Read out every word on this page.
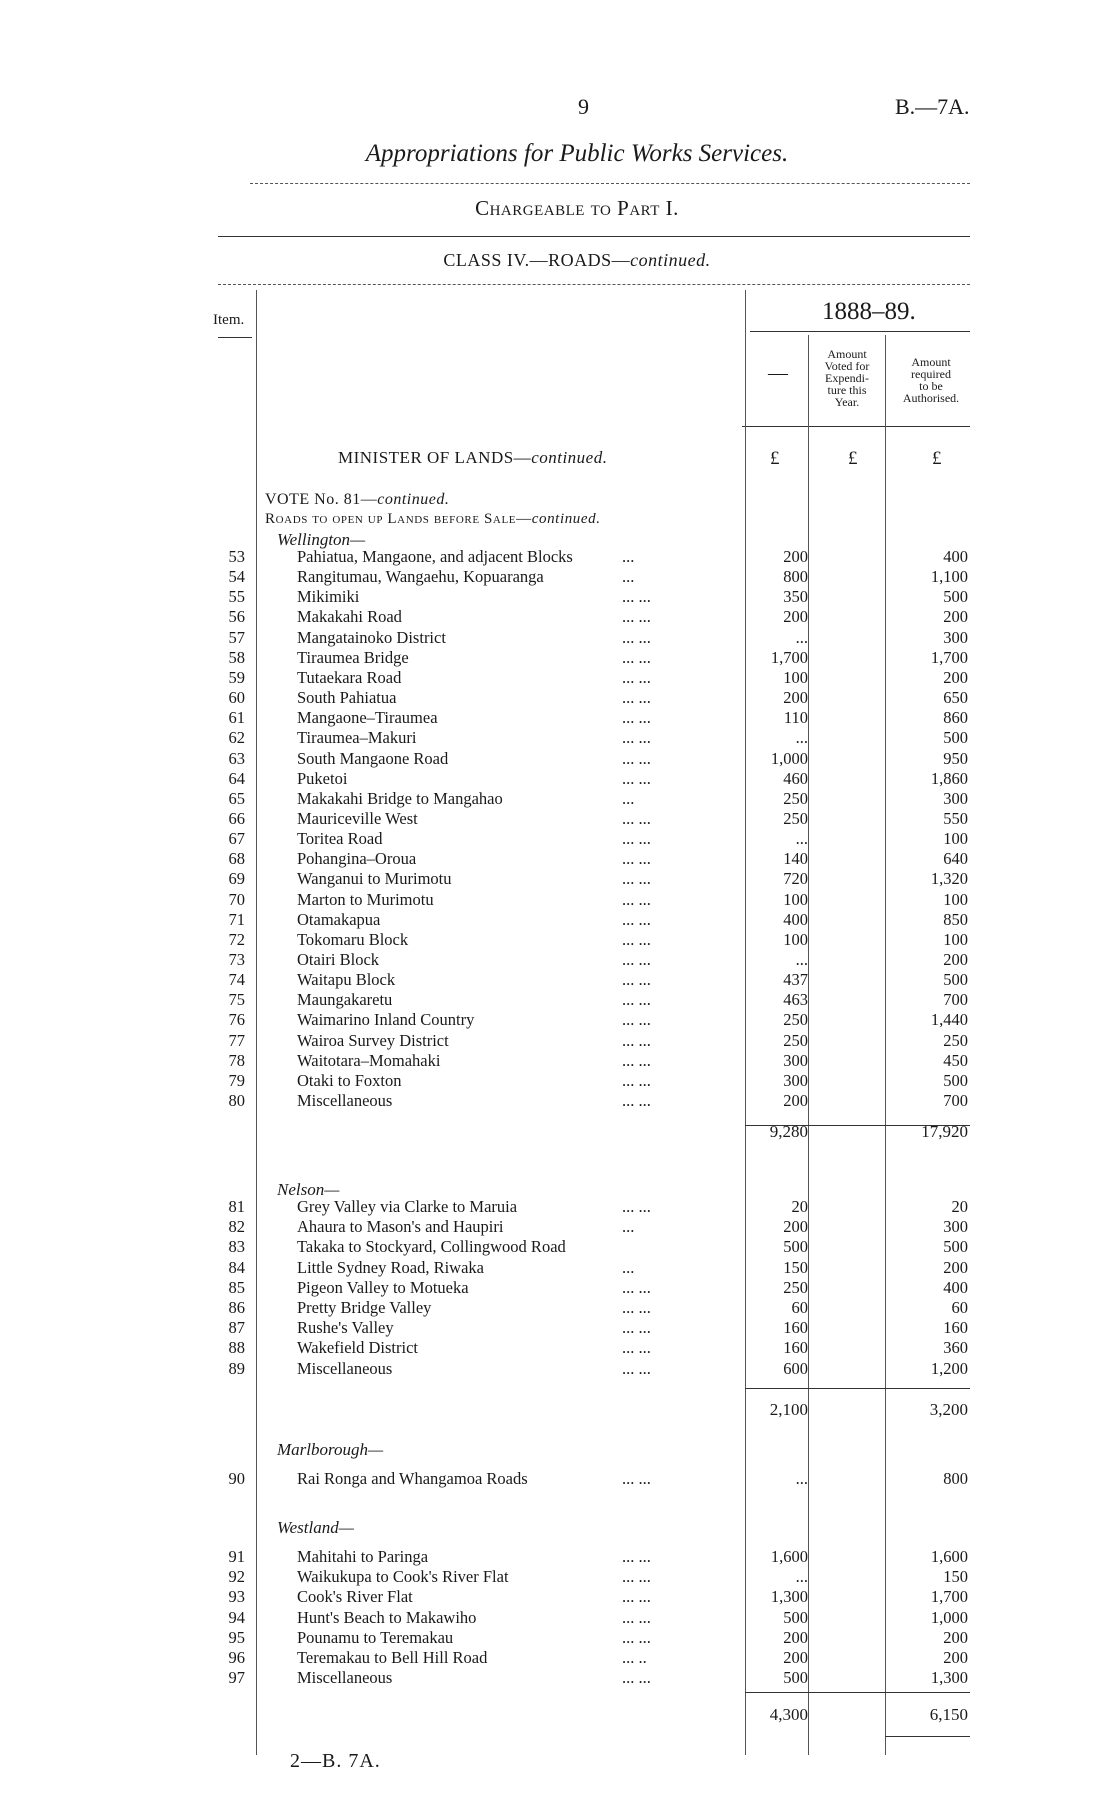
9	B.—7A.
Appropriations for Public Works Services.
Chargeable to Part I.
CLASS IV.—ROADS—continued.
Item.	1888–89.
—
Amount
Voted for
Expendi-
ture this
Year.
Amount
required
to be
Authorised.
MINISTER OF LANDS—continued.	£	£	£
VOTE No. 81—continued.
Roads to open up Lands before Sale—continued.
Wellington—
53	Pahiatua, Mangaone, and adjacent Blocks	...	200	400
54	Rangitumau, Wangaehu, Kopuaranga	...	800	1,100
55	Mikimiki	... ...	350	500
56	Makakahi Road	... ...	200	200
57	Mangatainoko District	... ...	...	300
58	Tiraumea Bridge	... ...	1,700	1,700
59	Tutaekara Road	... ...	100	200
60	South Pahiatua	... ...	200	650
61	Mangaone–Tiraumea	... ...	110	860
62	Tiraumea–Makuri	... ...	...	500
63	South Mangaone Road	... ...	1,000	950
64	Puketoi	... ...	460	1,860
65	Makakahi Bridge to Mangahao	...	250	300
66	Mauriceville West	... ...	250	550
67	Toritea Road	... ...	...	100
68	Pohangina–Oroua	... ...	140	640
69	Wanganui to Murimotu	... ...	720	1,320
70	Marton to Murimotu	... ...	100	100
71	Otamakapua	... ...	400	850
72	Tokomaru Block	... ...	100	100
73	Otairi Block	... ...	...	200
74	Waitapu Block	... ...	437	500
75	Maungakaretu	... ...	463	700
76	Waimarino Inland Country	... ...	250	1,440
77	Wairoa Survey District	... ...	250	250
78	Waitotara–Momahaki	... ...	300	450
79	Otaki to Foxton	... ...	300	500
80	Miscellaneous	... ...	200	700
9,280	17,920
Nelson—
81	Grey Valley via Clarke to Maruia	... ...	20	20
82	Ahaura to Mason's and Haupiri	...	200	300
83	Takaka to Stockyard, Collingwood Road	500	500
84	Little Sydney Road, Riwaka	...	150	200
85	Pigeon Valley to Motueka	... ...	250	400
86	Pretty Bridge Valley	... ...	60	60
87	Rushe's Valley	... ...	160	160
88	Wakefield District	... ...	160	360
89	Miscellaneous	... ...	600	1,200
2,100	3,200
Marlborough—
90	Rai Ronga and Whangamoa Roads	... ...	...	800
Westland—
91	Mahitahi to Paringa	... ...	1,600	1,600
92	Waikukupa to Cook's River Flat	... ...	...	150
93	Cook's River Flat	... ...	1,300	1,700
94	Hunt's Beach to Makawiho	... ...	500	1,000
95	Pounamu to Teremakau	... ...	200	200
96	Teremakau to Bell Hill Road	... ..	200	200
97	Miscellaneous	... ...	500	1,300
4,300	6,150
2—B. 7A.
